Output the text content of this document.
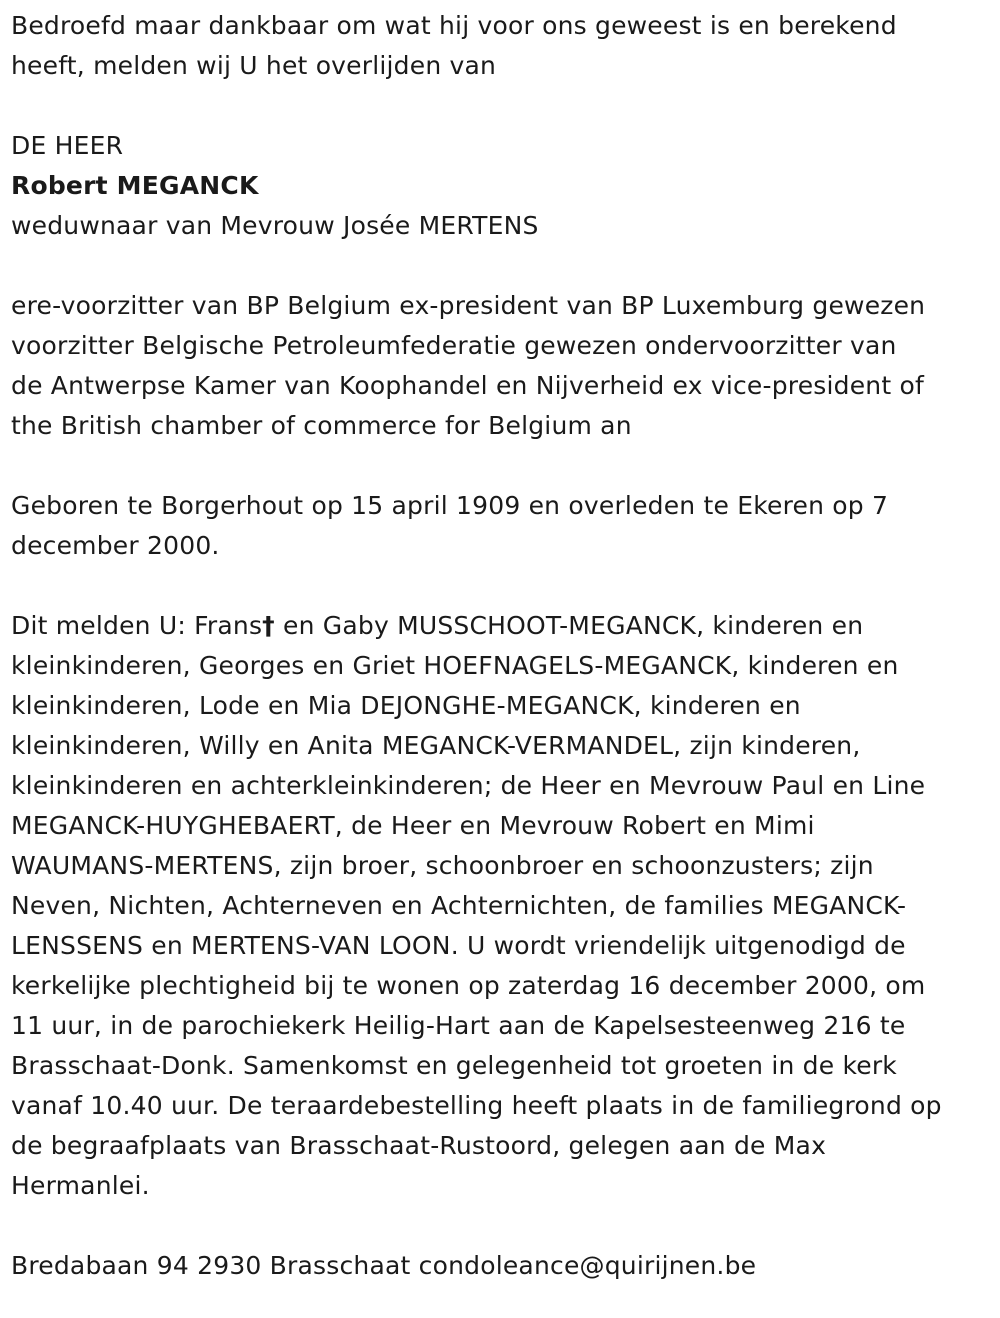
Bedroefd maar dankbaar om wat hij voor ons geweest is en berekend
heeft, melden wij U het overlijden van
DE HEER
Robert MEGANCK
weduwnaar van Mevrouw Josée MERTENS
ere-voorzitter van BP Belgium ex-president van BP Luxemburg gewezen
voorzitter Belgische Petroleumfederatie gewezen ondervoorzitter van
de Antwerpse Kamer van Koophandel en Nijverheid ex vice-president of
the British chamber of commerce for Belgium an
Geboren te Borgerhout op 15 april 1909 en overleden te Ekeren op 7
december 2000.
Dit melden U: Frans† en Gaby MUSSCHOOT-MEGANCK, kinderen en
kleinkinderen, Georges en Griet HOEFNAGELS-MEGANCK, kinderen en
kleinkinderen, Lode en Mia DEJONGHE-MEGANCK, kinderen en
kleinkinderen, Willy en Anita MEGANCK-VERMANDEL, zijn kinderen,
kleinkinderen en achterkleinkinderen; de Heer en Mevrouw Paul en Line
MEGANCK-HUYGHEBAERT, de Heer en Mevrouw Robert en Mimi
WAUMANS-MERTENS, zijn broer, schoonbroer en schoonzusters; zijn
Neven, Nichten, Achterneven en Achternichten, de families MEGANCK-
LENSSENS en MERTENS-VAN LOON. U wordt vriendelijk uitgenodigd de
kerkelijke plechtigheid bij te wonen op zaterdag 16 december 2000, om
11 uur, in de parochiekerk Heilig-Hart aan de Kapelsesteenweg 216 te
Brasschaat-Donk. Samenkomst en gelegenheid tot groeten in de kerk
vanaf 10.40 uur. De teraardebestelling heeft plaats in de familiegrond op
de begraafplaats van Brasschaat-Rustoord, gelegen aan de Max
Hermanlei.
Bredabaan 94 2930 Brasschaat condoleance@quirijnen.be
